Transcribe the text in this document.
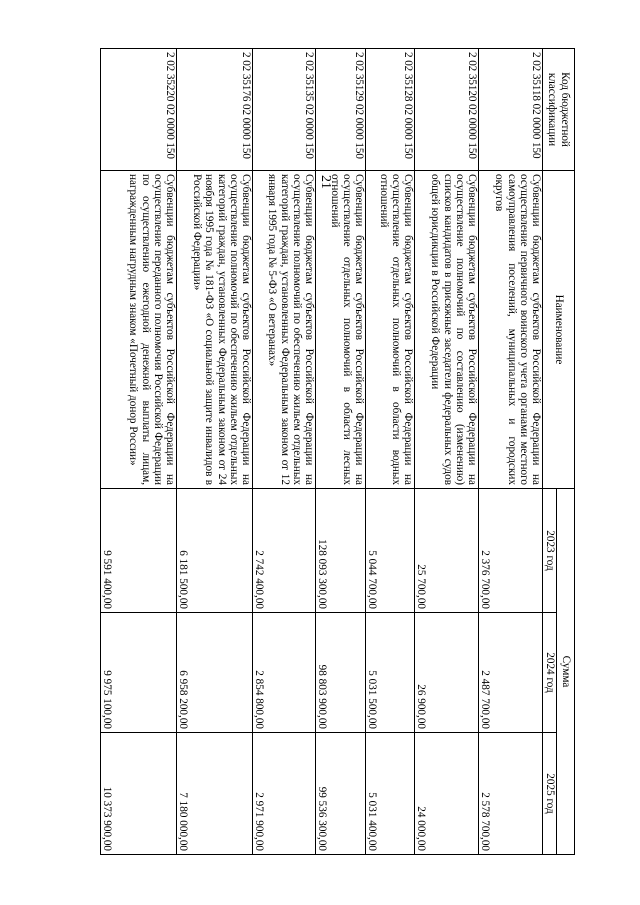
21
Код бюджетной классификации	Наименование	Сумма		
		2023 год	2024 год	2025 год
2 02 35118 02 0000 150	Субвенции бюджетам субъектов Российской Федерации на осуществление первичного воинского учета органами местного самоуправления поселений, муниципальных и городских округов	2 376 700,00	2 487 700,00	2 578 700,00
2 02 35120 02 0000 150	Субвенции бюджетам субъектов Российской Федерации на осуществление полномочий по составлению (изменению) списков кандидатов в присяжные заседатели федеральных судов общей юрисдикции в Российской Федерации	25 700,00	26 900,00	24 000,00
2 02 35128 02 0000 150	Субвенции бюджетам субъектов Российской Федерации на осуществление отдельных полномочий в области водных отношений	5 044 700,00	5 031 500,00	5 031 400,00
2 02 35129 02 0000 150	Субвенции бюджетам субъектов Российской Федерации на осуществление отдельных полномочий в области лесных отношений	128 093 300,00	98 803 900,00	99 536 300,00
2 02 35135 02 0000 150	Субвенции бюджетам субъектов Российской Федерации на осуществление полномочий по обеспечению жильем отдельных категорий граждан, установленных Федеральным законом от 12 января 1995 года № 5-ФЗ «О ветеранах»	2 742 400,00	2 854 800,00	2 971 900,00
2 02 35176 02 0000 150	Субвенции бюджетам субъектов Российской Федерации на осуществление полномочий по обеспечению жильем отдельных категорий граждан, установленных Федеральным законом от 24 ноября 1995 года № 181-ФЗ «О социальной защите инвалидов в Российской Федерации»	6 181 500,00	6 958 200,00	7 180 000,00
2 02 35220 02 0000 150	Субвенции бюджетам субъектов Российской Федерации на осуществление переданного полномочия Российской Федерации по осуществлению ежегодной денежной выплаты лицам, награжденным нагрудным знаком «Почетный донор России»	9 591 400,00	9 975 100,00	10 373 900,00
